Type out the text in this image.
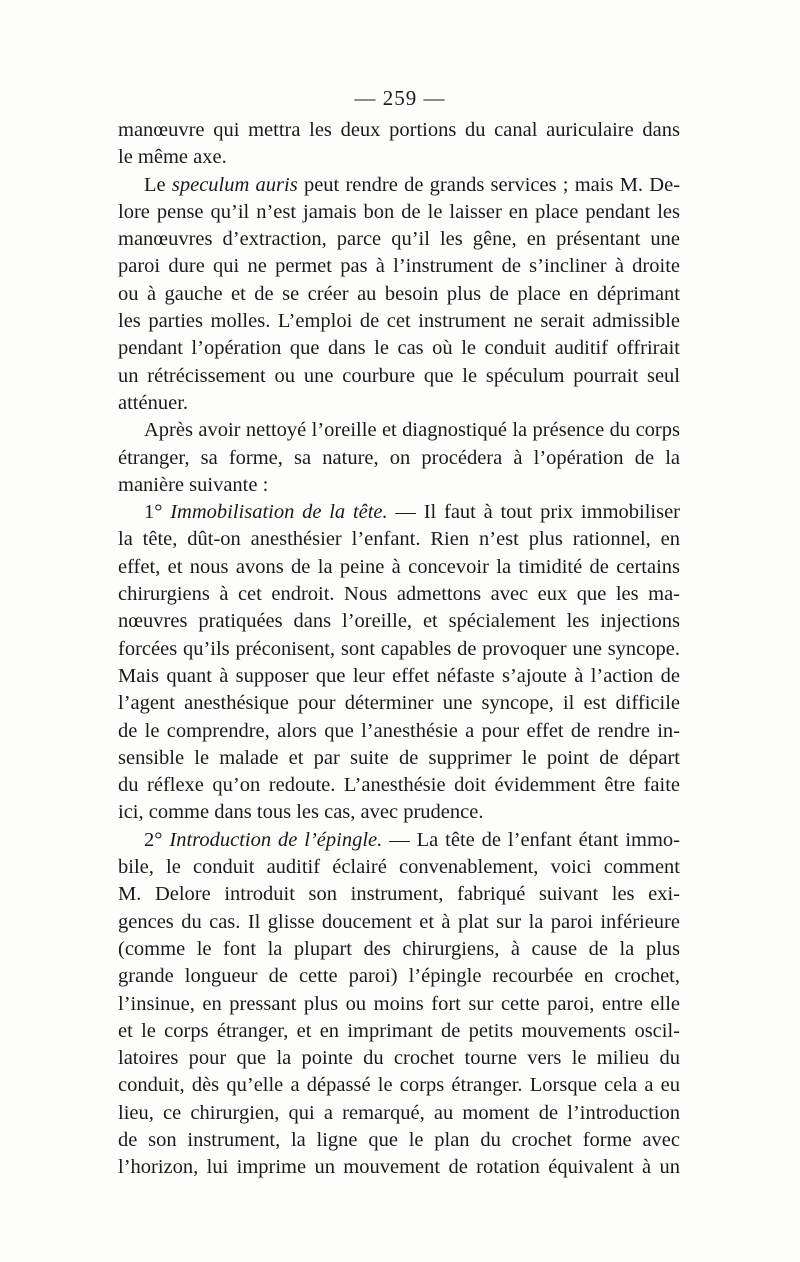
— 259 —
manœuvre qui mettra les deux portions du canal auriculaire dans
le même axe.
Le speculum auris peut rendre de grands services ; mais M. De-
lore pense qu’il n’est jamais bon de le laisser en place pendant les
manœuvres d’extraction, parce qu’il les gêne, en présentant une
paroi dure qui ne permet pas à l’instrument de s’incliner à droite
ou à gauche et de se créer au besoin plus de place en déprimant
les parties molles. L’emploi de cet instrument ne serait admissible
pendant l’opération que dans le cas où le conduit auditif offrirait
un rétrécissement ou une courbure que le spéculum pourrait seul
atténuer.
Après avoir nettoyé l’oreille et diagnostiqué la présence du corps
étranger, sa forme, sa nature, on procédera à l’opération de la
manière suivante :
1° Immobilisation de la tête. — Il faut à tout prix immobiliser
la tête, dût-on anesthésier l’enfant. Rien n’est plus rationnel, en
effet, et nous avons de la peine à concevoir la timidité de certains
chirurgiens à cet endroit. Nous admettons avec eux que les ma-
nœuvres pratiquées dans l’oreille, et spécialement les injections
forcées qu’ils préconisent, sont capables de provoquer une syncope.
Mais quant à supposer que leur effet néfaste s’ajoute à l’action de
l’agent anesthésique pour déterminer une syncope, il est difficile
de le comprendre, alors que l’anesthésie a pour effet de rendre in-
sensible le malade et par suite de supprimer le point de départ
du réflexe qu’on redoute. L’anesthésie doit évidemment être faite
ici, comme dans tous les cas, avec prudence.
2° Introduction de l’épingle. — La tête de l’enfant étant immo-
bile, le conduit auditif éclairé convenablement, voici comment
M. Delore introduit son instrument, fabriqué suivant les exi-
gences du cas. Il glisse doucement et à plat sur la paroi inférieure
(comme le font la plupart des chirurgiens, à cause de la plus
grande longueur de cette paroi) l’épingle recourbée en crochet,
l’insinue, en pressant plus ou moins fort sur cette paroi, entre elle
et le corps étranger, et en imprimant de petits mouvements oscil-
latoires pour que la pointe du crochet tourne vers le milieu du
conduit, dès qu’elle a dépassé le corps étranger. Lorsque cela a eu
lieu, ce chirurgien, qui a remarqué, au moment de l’introduction
de son instrument, la ligne que le plan du crochet forme avec
l’horizon, lui imprime un mouvement de rotation équivalent à un
